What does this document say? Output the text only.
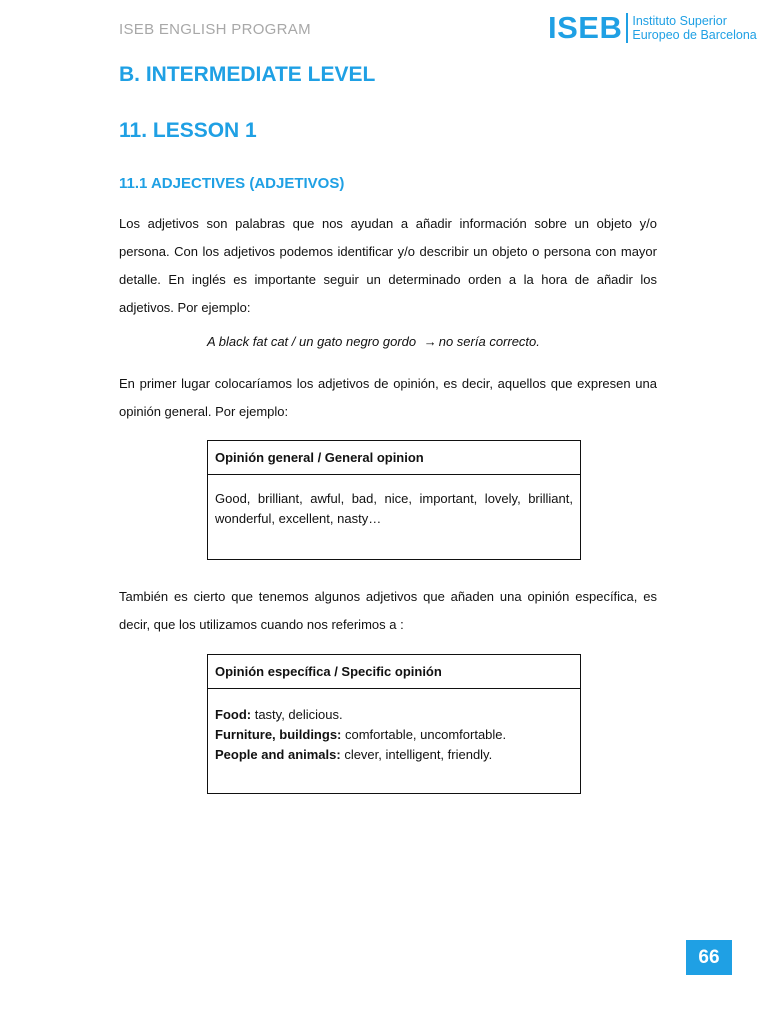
ISEB ENGLISH PROGRAM	ISEB Instituto Superior
Europeo de Barcelona
B. INTERMEDIATE LEVEL
11. LESSON 1
11.1 ADJECTIVES (ADJETIVOS)

Los adjetivos son palabras que nos ayudan a añadir información sobre un objeto y/o persona. Con los adjetivos podemos identificar y/o describir un objeto o persona con mayor detalle. En inglés es importante seguir un determinado orden a la hora de añadir los adjetivos. Por ejemplo:

A black fat cat / un gato negro gordo → no sería correcto.

En primer lugar colocaríamos los adjetivos de opinión, es decir, aquellos que expresen una opinión general. Por ejemplo:

Opinión general / General opinion
Good, brilliant, awful, bad, nice, important, lovely, brilliant, wonderful, excellent, nasty…

También es cierto que tenemos algunos adjetivos que añaden una opinión específica, es decir, que los utilizamos cuando nos referimos a :

Opinión específica / Specific opinión
Food: tasty, delicious.
Furniture, buildings: comfortable, uncomfortable.
People and animals: clever, intelligent, friendly.
66
